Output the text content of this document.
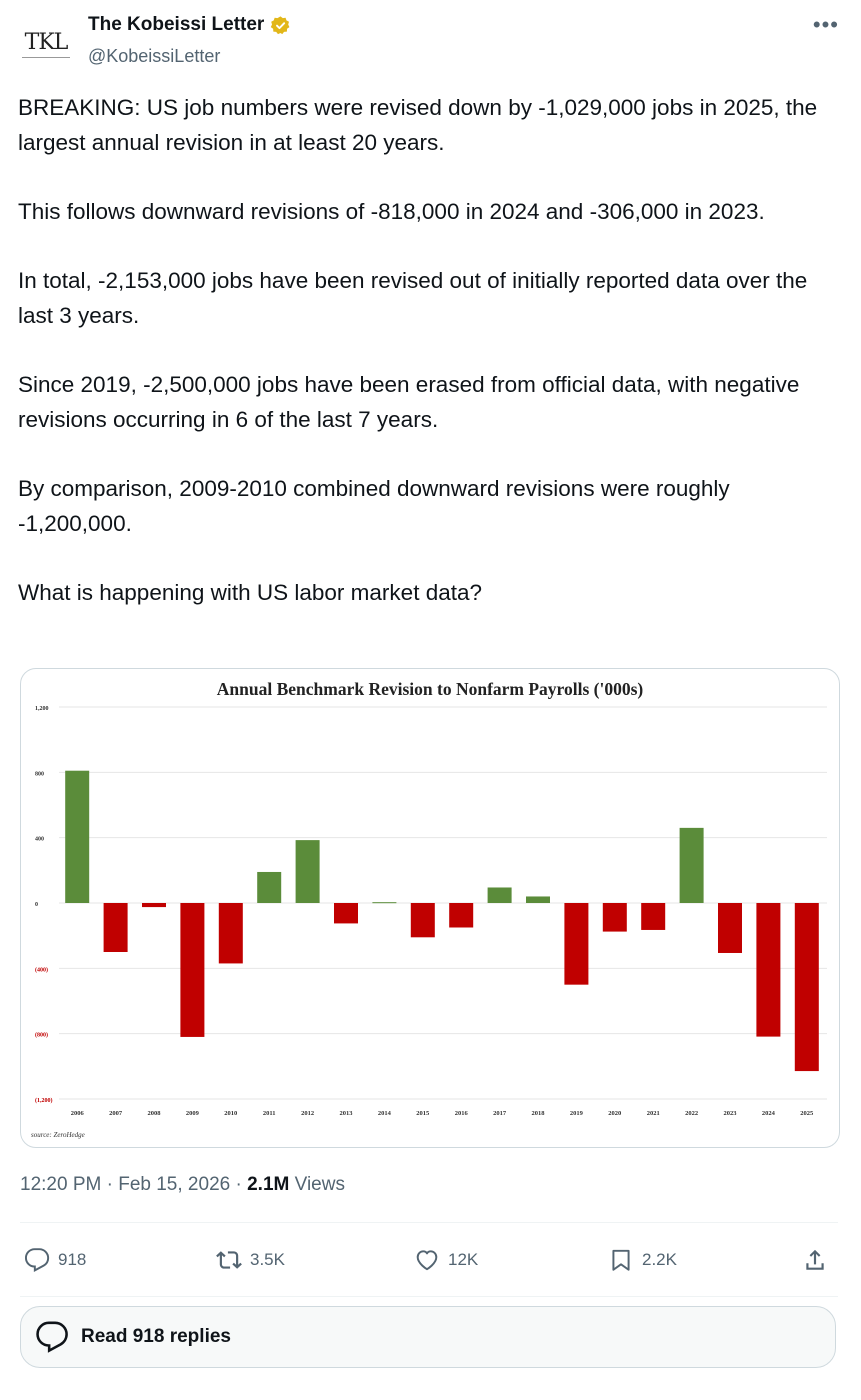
TKL
The Kobeissi Letter
@KobeissiLetter
•••

BREAKING: US job numbers were revised down by -1,029,000 jobs in 2025, the largest annual revision in at least 20 years.

This follows downward revisions of -818,000 in 2024 and -306,000 in 2023.

In total, -2,153,000 jobs have been revised out of initially reported data over the last 3 years.

Since 2019, -2,500,000 jobs have been erased from official data, with negative revisions occurring in 6 of the last 7 years.

By comparison, 2009-2010 combined downward revisions were roughly -1,200,000.

What is happening with US labor market data?

Annual Benchmark Revision to Nonfarm Payrolls ('000s)
1,200
800
400
0
(400)
(800)
(1,200)
2006	2007	2008	2009	2010	2011	2012	2013	2014	2015	2016	2017	2018	2019	2020	2021	2022	2023	2024	2025
source: ZeroHedge
12:20 PM · Feb 15, 2026 · 2.1M Views
918	3.5K	12K	2.2K
Read 918 replies
